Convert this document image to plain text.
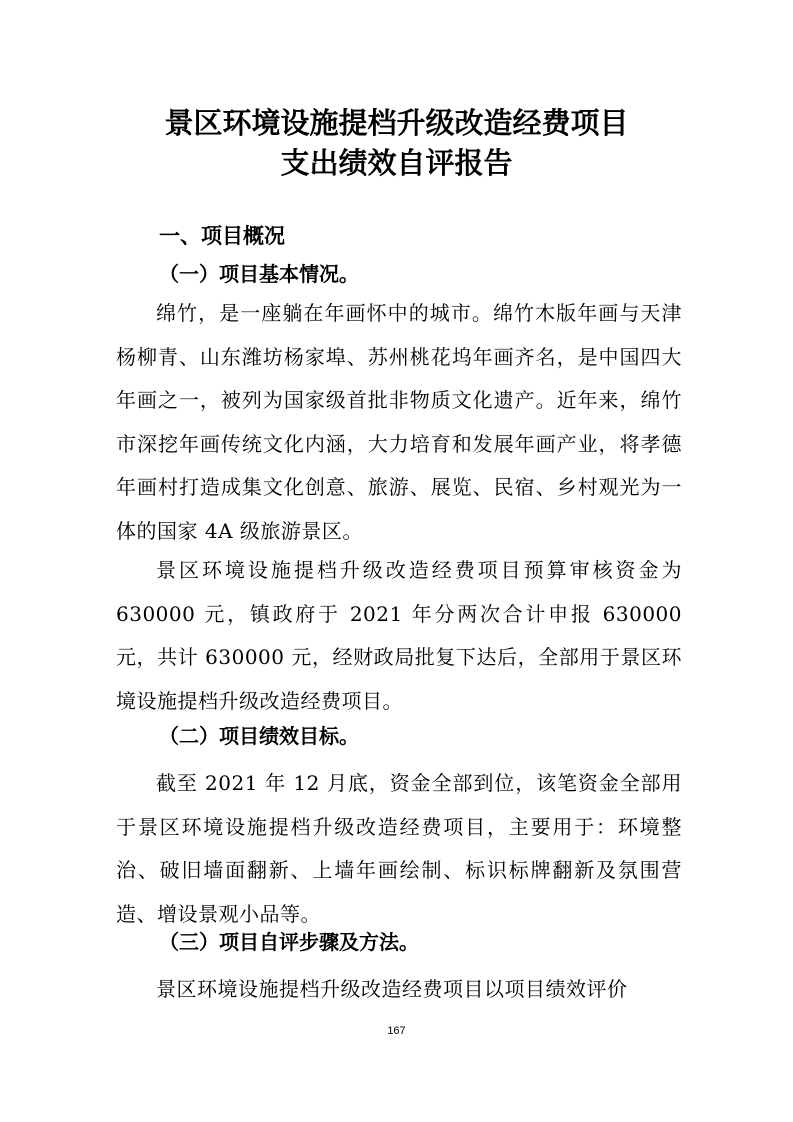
景区环境设施提档升级改造经费项目
支出绩效自评报告
一、项目概况
（一）项目基本情况。

绵竹，是一座躺在年画怀中的城市。绵竹木版年画与天津杨柳青、山东潍坊杨家埠、苏州桃花坞年画齐名，是中国四大年画之一，被列为国家级首批非物质文化遗产。近年来，绵竹市深挖年画传统文化内涵，大力培育和发展年画产业，将孝德年画村打造成集文化创意、旅游、展览、民宿、乡村观光为一体的国家 4A 级旅游景区。

景区环境设施提档升级改造经费项目预算审核资金为630000 元，镇政府于 2021 年分两次合计申报 630000 元，共计 630000 元，经财政局批复下达后，全部用于景区环境设施提档升级改造经费项目。

（二）项目绩效目标。

截至 2021 年 12 月底，资金全部到位，该笔资金全部用于景区环境设施提档升级改造经费项目，主要用于：环境整治、破旧墙面翻新、上墙年画绘制、标识标牌翻新及氛围营造、增设景观小品等。

（三）项目自评步骤及方法。

景区环境设施提档升级改造经费项目以项目绩效评价

167
